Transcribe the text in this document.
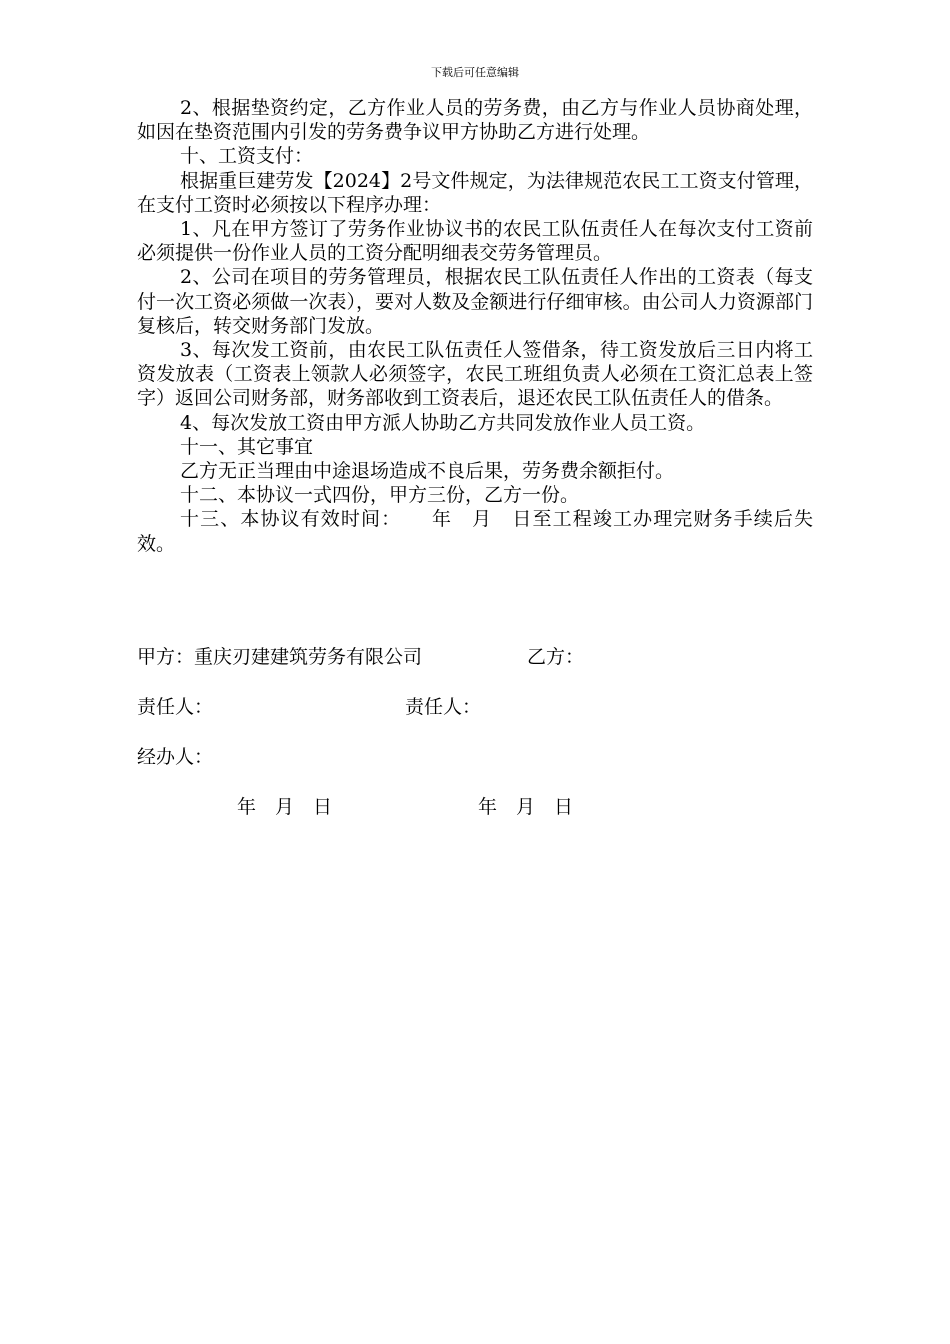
下载后可任意编辑

2、根据垫资约定，乙方作业人员的劳务费，由乙方与作业人员协商处理，如因在垫资范围内引发的劳务费争议甲方协助乙方进行处理。

十、工资支付：

根据重巨建劳发【2024】2号文件规定，为法律规范农民工工资支付管理，在支付工资时必须按以下程序办理：

1、凡在甲方签订了劳务作业协议书的农民工队伍责任人在每次支付工资前必须提供一份作业人员的工资分配明细表交劳务管理员。

2、公司在项目的劳务管理员，根据农民工队伍责任人作出的工资表（每支付一次工资必须做一次表），要对人数及金额进行仔细审核。由公司人力资源部门复核后，转交财务部门发放。

3、每次发工资前，由农民工队伍责任人签借条，待工资发放后三日内将工资发放表（工资表上领款人必须签字，农民工班组负责人必须在工资汇总表上签字）返回公司财务部，财务部收到工资表后，退还农民工队伍责任人的借条。

4、每次发放工资由甲方派人协助乙方共同发放作业人员工资。

十一、其它事宜

乙方无正当理由中途退场造成不良后果，劳务费余额拒付。

十二、本协议一式四份，甲方三份，乙方一份。

十三、本协议有效时间：　　年　月　日至工程竣工办理完财务手续后失效。

甲方：重庆刃建建筑劳务有限公司	乙方：
责任人：	责任人：
经办人：
年　月　日	年　月　日
